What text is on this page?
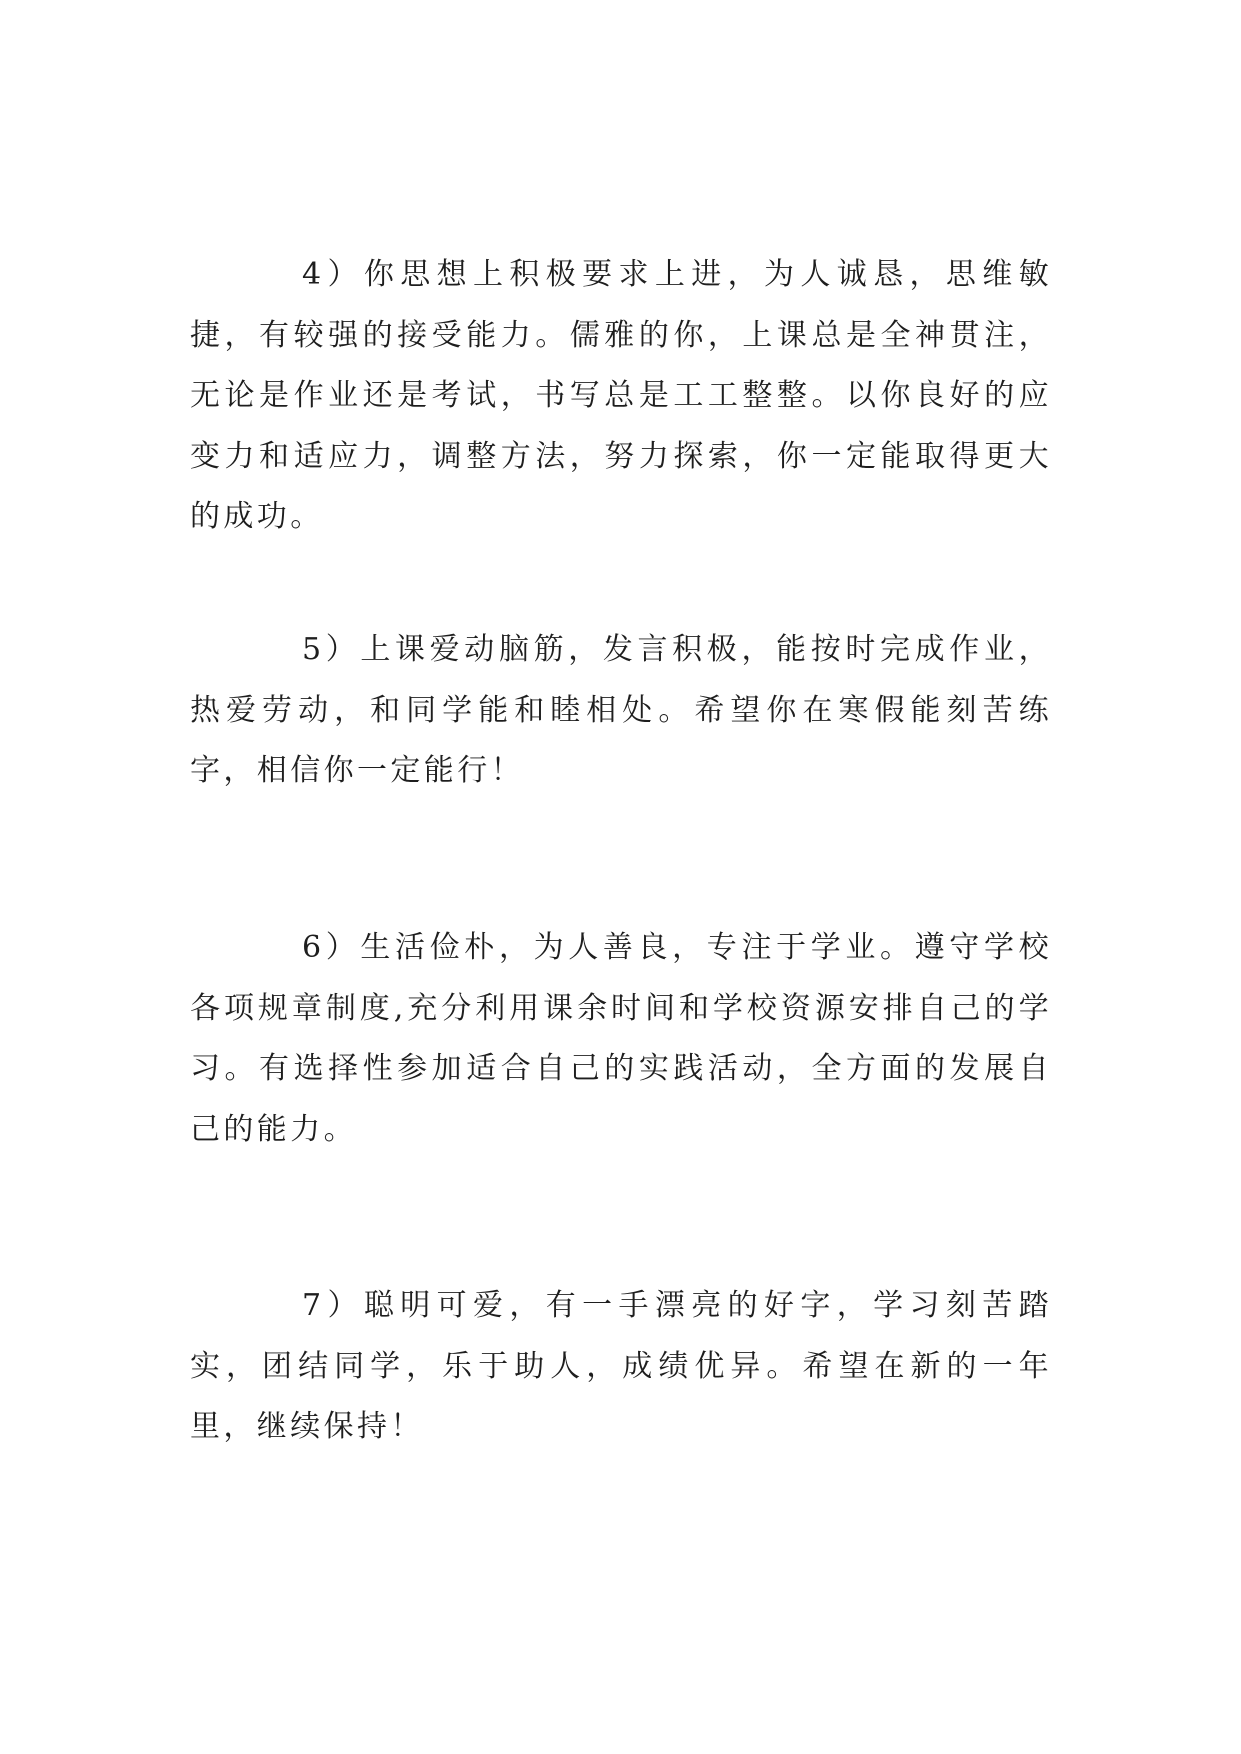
4）你思想上积极要求上进，为人诚恳，思维敏捷，有较强的接受能力。儒雅的你，上课总是全神贯注，无论是作业还是考试，书写总是工工整整。以你良好的应变力和适应力，调整方法，努力探索，你一定能取得更大的成功。

5）上课爱动脑筋，发言积极，能按时完成作业，热爱劳动，和同学能和睦相处。希望你在寒假能刻苦练字，相信你一定能行！

6）生活俭朴，为人善良，专注于学业。遵守学校各项规章制度,充分利用课余时间和学校资源安排自己的学习。有选择性参加适合自己的实践活动，全方面的发展自己的能力。

7）聪明可爱，有一手漂亮的好字，学习刻苦踏实，团结同学，乐于助人，成绩优异。希望在新的一年里，继续保持！
